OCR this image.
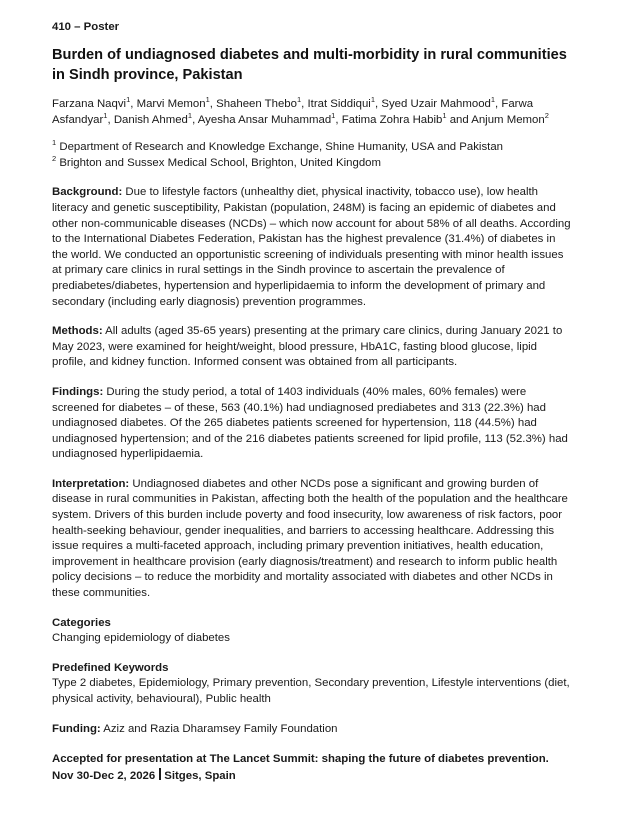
410 – Poster

Burden of undiagnosed diabetes and multi-morbidity in rural communities in Sindh province, Pakistan

Farzana Naqvi$^1$, Marvi Memon$^1$, Shaheen Thebo$^1$, Itrat Siddiqui$^1$, Syed Uzair Mahmood$^1$, Farwa Asfandyar$^1$, Danish Ahmed$^1$, Ayesha Ansar Muhammad$^1$, Fatima Zohra Habib$^1$ and Anjum Memon$^2$

$^1$ Department of Research and Knowledge Exchange, Shine Humanity, USA and Pakistan

$^2$ Brighton and Sussex Medical School, Brighton, United Kingdom

Background: Due to lifestyle factors (unhealthy diet, physical inactivity, tobacco use), low health literacy and genetic susceptibility, Pakistan (population, 248M) is facing an epidemic of diabetes and other non-communicable diseases (NCDs) – which now account for about 58% of all deaths. According to the International Diabetes Federation, Pakistan has the highest prevalence (31.4%) of diabetes in the world. We conducted an opportunistic screening of individuals presenting with minor health issues at primary care clinics in rural settings in the Sindh province to ascertain the prevalence of prediabetes/diabetes, hypertension and hyperlipidaemia to inform the development of primary and secondary (including early diagnosis) prevention programmes.

Methods: All adults (aged 35-65 years) presenting at the primary care clinics, during January 2021 to May 2023, were examined for height/weight, blood pressure, HbA1C, fasting blood glucose, lipid profile, and kidney function. Informed consent was obtained from all participants.

Findings: During the study period, a total of 1403 individuals (40% males, 60% females) were screened for diabetes – of these, 563 (40.1%) had undiagnosed prediabetes and 313 (22.3%) had undiagnosed diabetes. Of the 265 diabetes patients screened for hypertension, 118 (44.5%) had undiagnosed hypertension; and of the 216 diabetes patients screened for lipid profile, 113 (52.3%) had undiagnosed hyperlipidaemia.

Interpretation: Undiagnosed diabetes and other NCDs pose a significant and growing burden of disease in rural communities in Pakistan, affecting both the health of the population and the healthcare system. Drivers of this burden include poverty and food insecurity, low awareness of risk factors, poor health-seeking behaviour, gender inequalities, and barriers to accessing healthcare. Addressing this issue requires a multi-faceted approach, including primary prevention initiatives, health education, improvement in healthcare provision (early diagnosis/treatment) and research to inform public health policy decisions – to reduce the morbidity and mortality associated with diabetes and other NCDs in these communities.

Categories

Changing epidemiology of diabetes

Predefined Keywords

Type 2 diabetes, Epidemiology, Primary prevention, Secondary prevention, Lifestyle interventions (diet, physical activity, behavioural), Public health

Funding: Aziz and Razia Dharamsey Family Foundation

Accepted for presentation at The Lancet Summit: shaping the future of diabetes prevention.

Nov 30-Dec 2, 2026 Sitges, Spain
